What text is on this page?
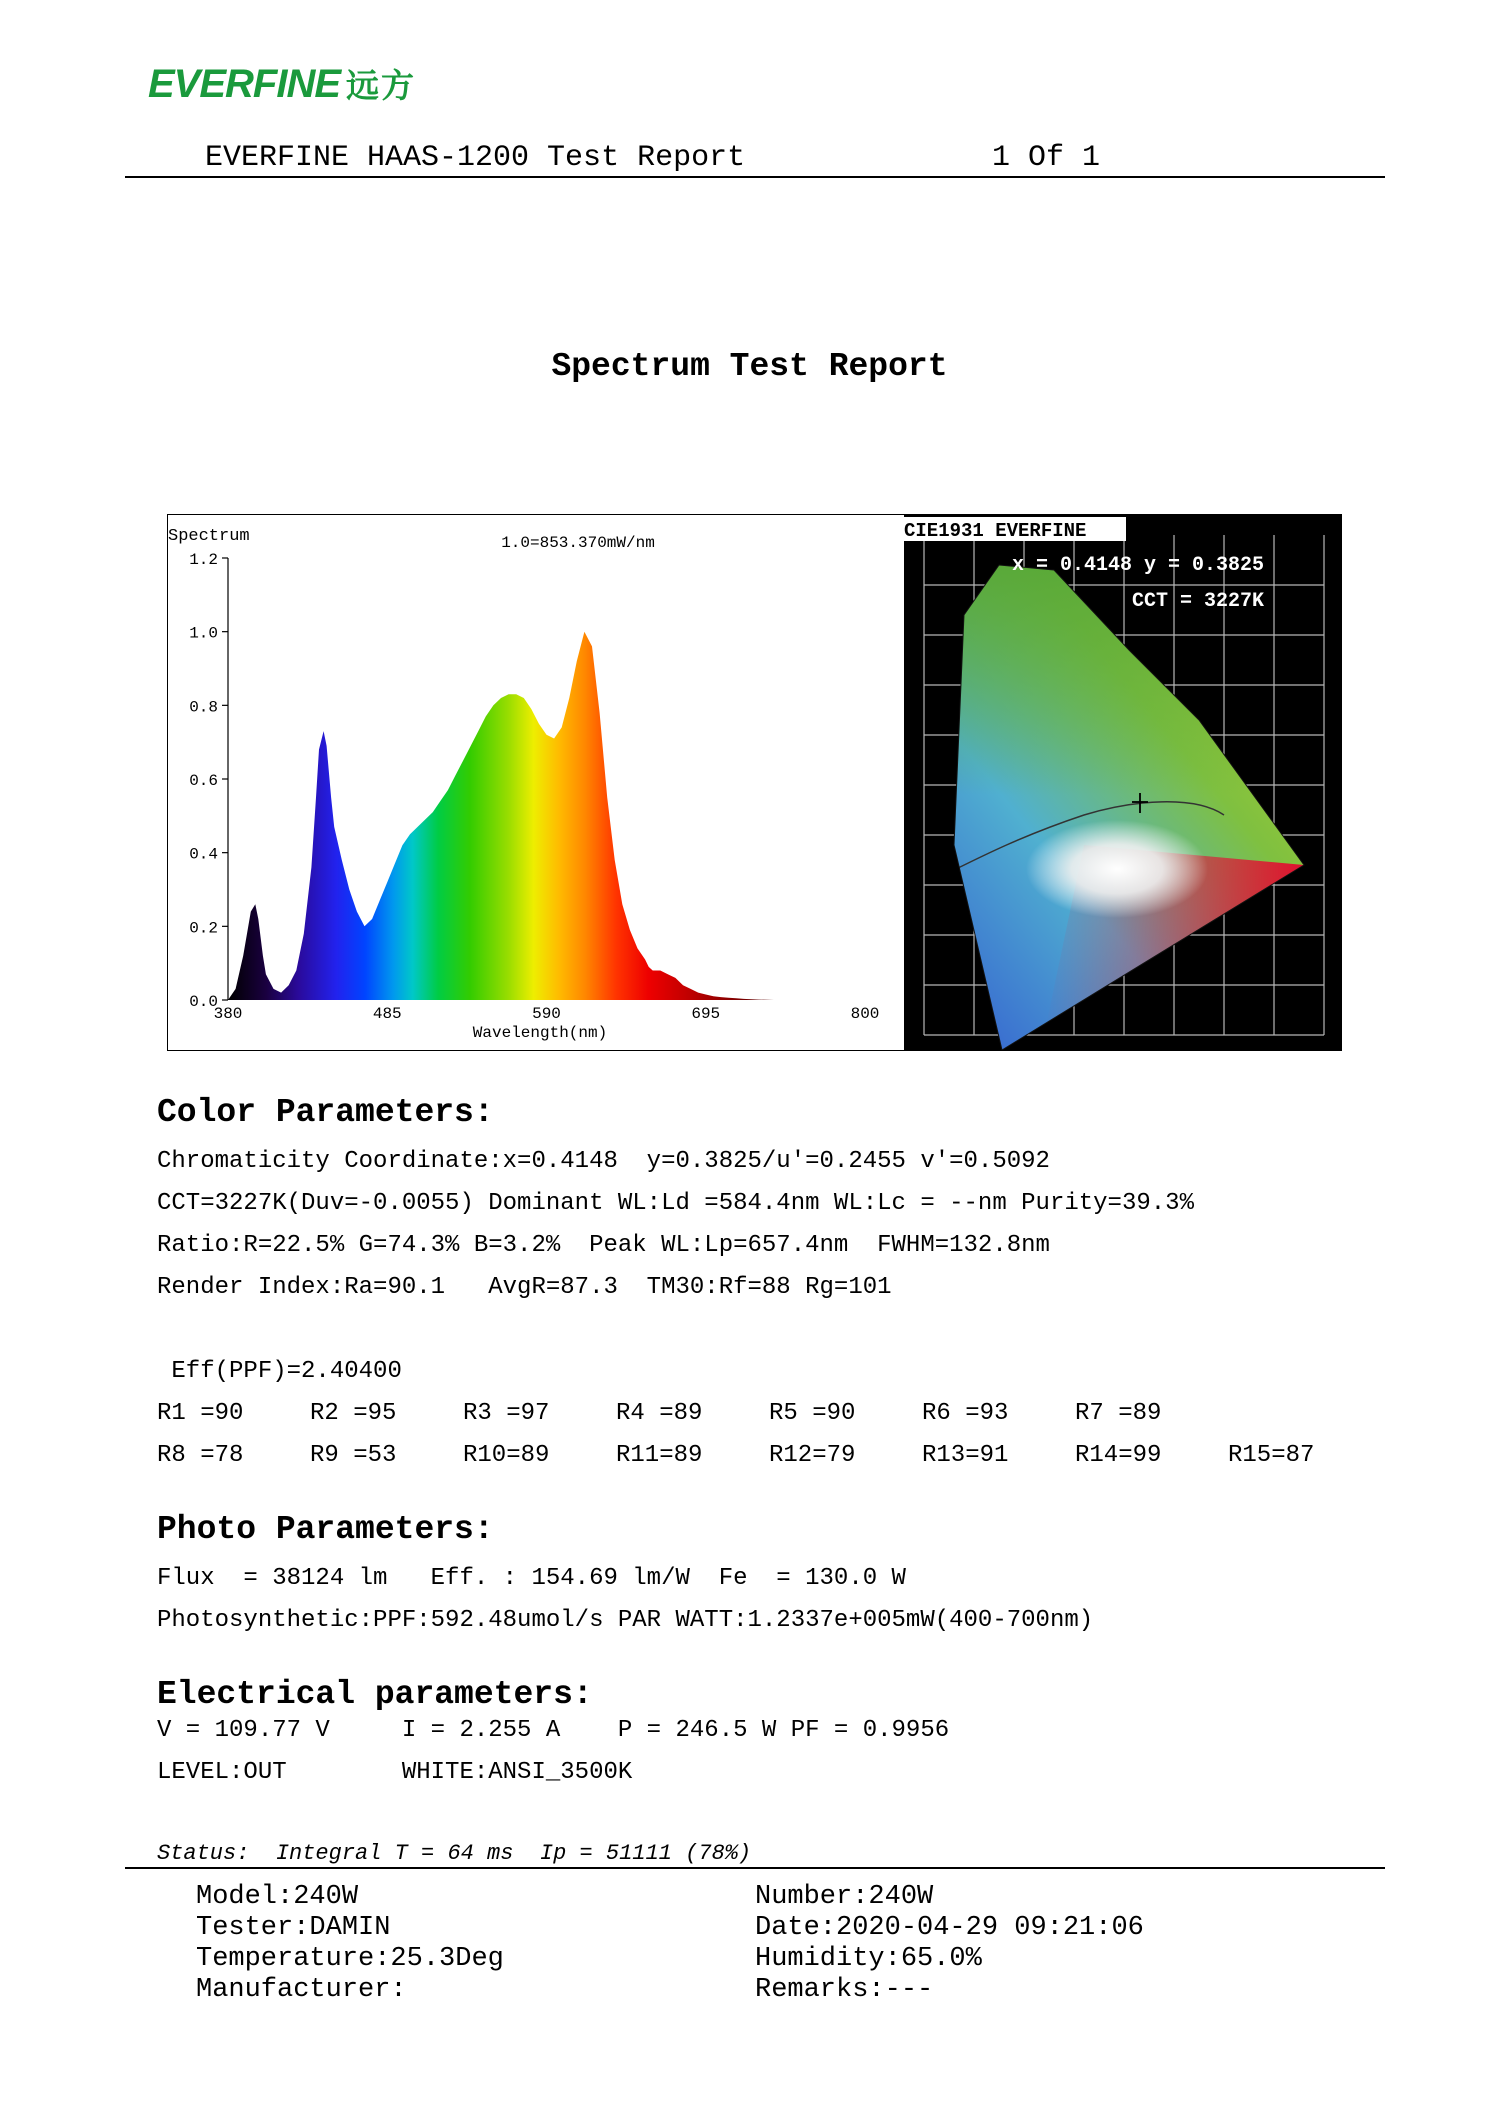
EVERFINE 远方
EVERFINE HAAS-1200 Test Report	1 Of 1
Spectrum Test Report
Spectrum	1.0=853.370mW/nm
0.0
0.2
0.4
0.6
0.8
1.0
1.2
380	485	590	695	800
Wavelength(nm)
CIE1931 EVERFINE
x = 0.4148 y = 0.3825
CCT = 3227K
Color Parameters:
Chromaticity Coordinate:x=0.4148  y=0.3825/u'=0.2455 v'=0.5092
CCT=3227K(Duv=-0.0055) Dominant WL:Ld =584.4nm WL:Lc = --nm Purity=39.3%
Ratio:R=22.5% G=74.3% B=3.2%  Peak WL:Lp=657.4nm  FWHM=132.8nm
Render Index:Ra=90.1   AvgR=87.3  TM30:Rf=88 Rg=101
Eff(PPF)=2.40400
R1 =90	R2 =95	R3 =97	R4 =89	R5 =90	R6 =93	R7 =89
R8 =78	R9 =53	R10=89	R11=89	R12=79	R13=91	R14=99	R15=87
Photo Parameters:
Flux  = 38124 lm   Eff. : 154.69 lm/W  Fe  = 130.0 W
Photosynthetic:PPF:592.48umol/s PAR WATT:1.2337e+005mW(400-700nm)
Electrical parameters:
V = 109.77 V     I = 2.255 A    P = 246.5 W PF = 0.9956
LEVEL:OUT        WHITE:ANSI_3500K
Status:  Integral T = 64 ms  Ip = 51111 (78%)
Model:240W
Tester:DAMIN
Temperature:25.3Deg
Manufacturer:
Number:240W
Date:2020-04-29 09:21:06
Humidity:65.0%
Remarks:---
